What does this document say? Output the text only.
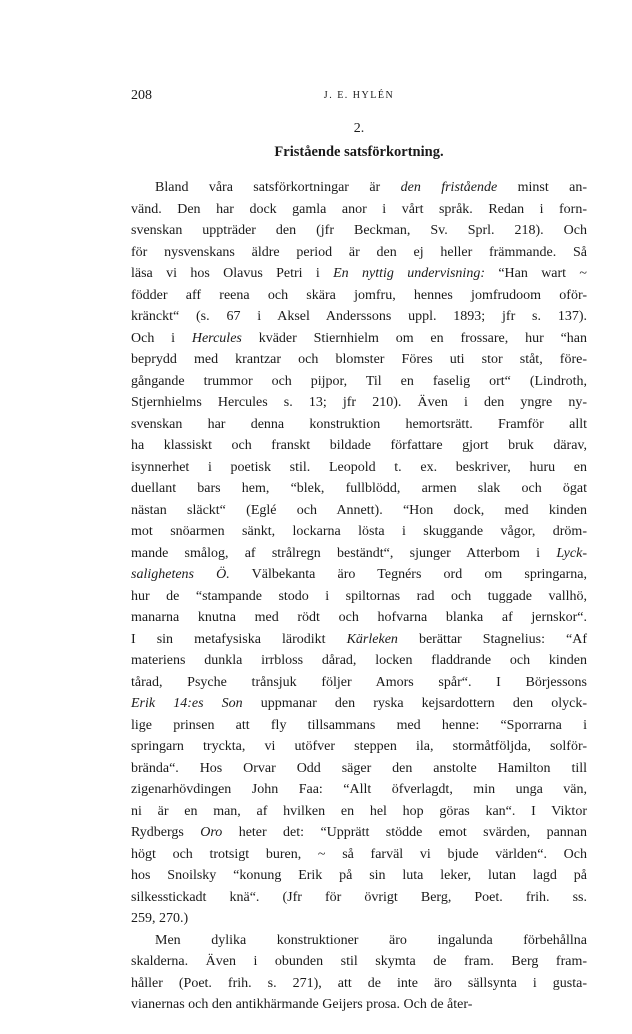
208	J. E. HYLÉN
2.
Fristående satsförkortning.
Bland våra satsförkortningar är den fristående minst an-
vänd. Den har dock gamla anor i vårt språk. Redan i forn-
svenskan uppträder den (jfr Beckman, Sv. Sprl. 218). Och
för nysvenskans äldre period är den ej heller främmande. Så
läsa vi hos Olavus Petri i En nyttig undervisning: “Han wart ~
födder aff reena och skära jomfru, hennes jomfrudoom oför-
kränckt“ (s. 67 i Aksel Anderssons uppl. 1893; jfr s. 137).
Och i Hercules kväder Stiernhielm om en frossare, hur “han
beprydd med krantzar och blomster Föres uti stor ståt, före-
gångande trummor och pijpor, Til en faselig ort“ (Lindroth,
Stjernhielms Hercules s. 13; jfr 210). Även i den yngre ny-
svenskan har denna konstruktion hemortsrätt. Framför allt
ha klassiskt och franskt bildade författare gjort bruk därav,
isynnerhet i poetisk stil. Leopold t. ex. beskriver, huru en
duellant bars hem, “blek, fullblödd, armen slak och ögat
nästan släckt“ (Eglé och Annett). “Hon dock, med kinden
mot snöarmen sänkt, lockarna lösta i skuggande vågor, dröm-
mande smålog, af strålregn beständt“, sjunger Atterbom i Lyck-
salighetens Ö. Välbekanta äro Tegnérs ord om springarna,
hur de “stampande stodo i spiltornas rad och tuggade vallhö,
manarna knutna med rödt och hofvarna blanka af jernskor“.
I sin metafysiska lärodikt Kärleken berättar Stagnelius: “Af
materiens dunkla irrbloss dårad, locken fladdrande och kinden
tårad, Psyche trånsjuk följer Amors spår“. I Börjessons
Erik 14:es Son uppmanar den ryska kejsardottern den olyck-
lige prinsen att fly tillsammans med henne: “Sporrarna i
springarn tryckta, vi utöfver steppen ila, stormåtföljda, solför-
brända“. Hos Orvar Odd säger den anstolte Hamilton till
zigenarhövdingen John Faa: “Allt öfverlagdt, min unga vän,
ni är en man, af hvilken en hel hop göras kan“. I Viktor
Rydbergs Oro heter det: “Upprätt stödde emot svärden, pannan
högt och trotsigt buren, ~ så farväl vi bjude världen“. Och
hos Snoilsky “konung Erik på sin luta leker, lutan lagd på
silkesstickadt knä“. (Jfr för övrigt Berg, Poet. frih. ss.
259, 270.)
Men dylika konstruktioner äro ingalunda förbehållna
skalderna. Även i obunden stil skymta de fram. Berg fram-
håller (Poet. frih. s. 271), att de inte äro sällsynta i gusta-
vianernas och den antikhärmande Geijers prosa. Och de åter-
